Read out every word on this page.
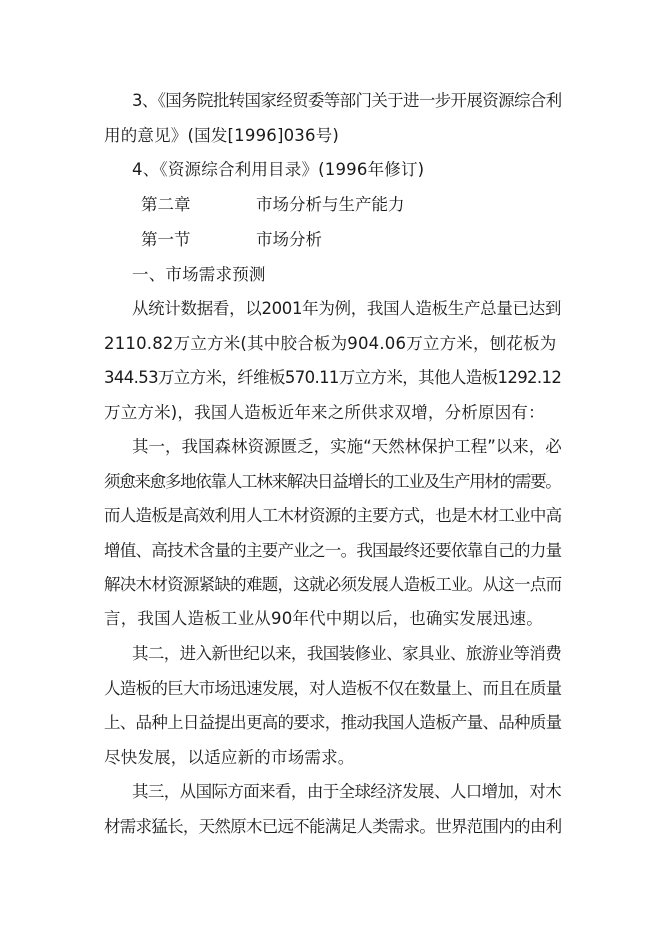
3、《国务院批转国家经贸委等部门关于进一步开展资源综合利
用的意见》(国发[1996]036号)
4、《资源综合利用目录》(1996年修订)
第二章	市场分析与生产能力
第一节	市场分析
一、市场需求预测
从统计数据看，以2001年为例，我国人造板生产总量已达到
2110.82万立方米(其中胶合板为904.06万立方米，刨花板为
344.53万立方米，纤维板570.11万立方米，其他人造板1292.12
万立方米)，我国人造板近年来之所供求双增，分析原因有：
其一，我国森林资源匮乏，实施“天然林保护工程”以来，必
须愈来愈多地依靠人工林来解决日益增长的工业及生产用材的需要。
而人造板是高效利用人工木材资源的主要方式，也是木材工业中高
增值、高技术含量的主要产业之一。我国最终还要依靠自己的力量
解决木材资源紧缺的难题，这就必须发展人造板工业。从这一点而
言，我国人造板工业从90年代中期以后，也确实发展迅速。
其二，进入新世纪以来，我国装修业、家具业、旅游业等消费
人造板的巨大市场迅速发展，对人造板不仅在数量上、而且在质量
上、品种上日益提出更高的要求，推动我国人造板产量、品种质量
尽快发展，以适应新的市场需求。
其三，从国际方面来看，由于全球经济发展、人口增加，对木
材需求猛长，天然原木已远不能满足人类需求。世界范围内的由利
